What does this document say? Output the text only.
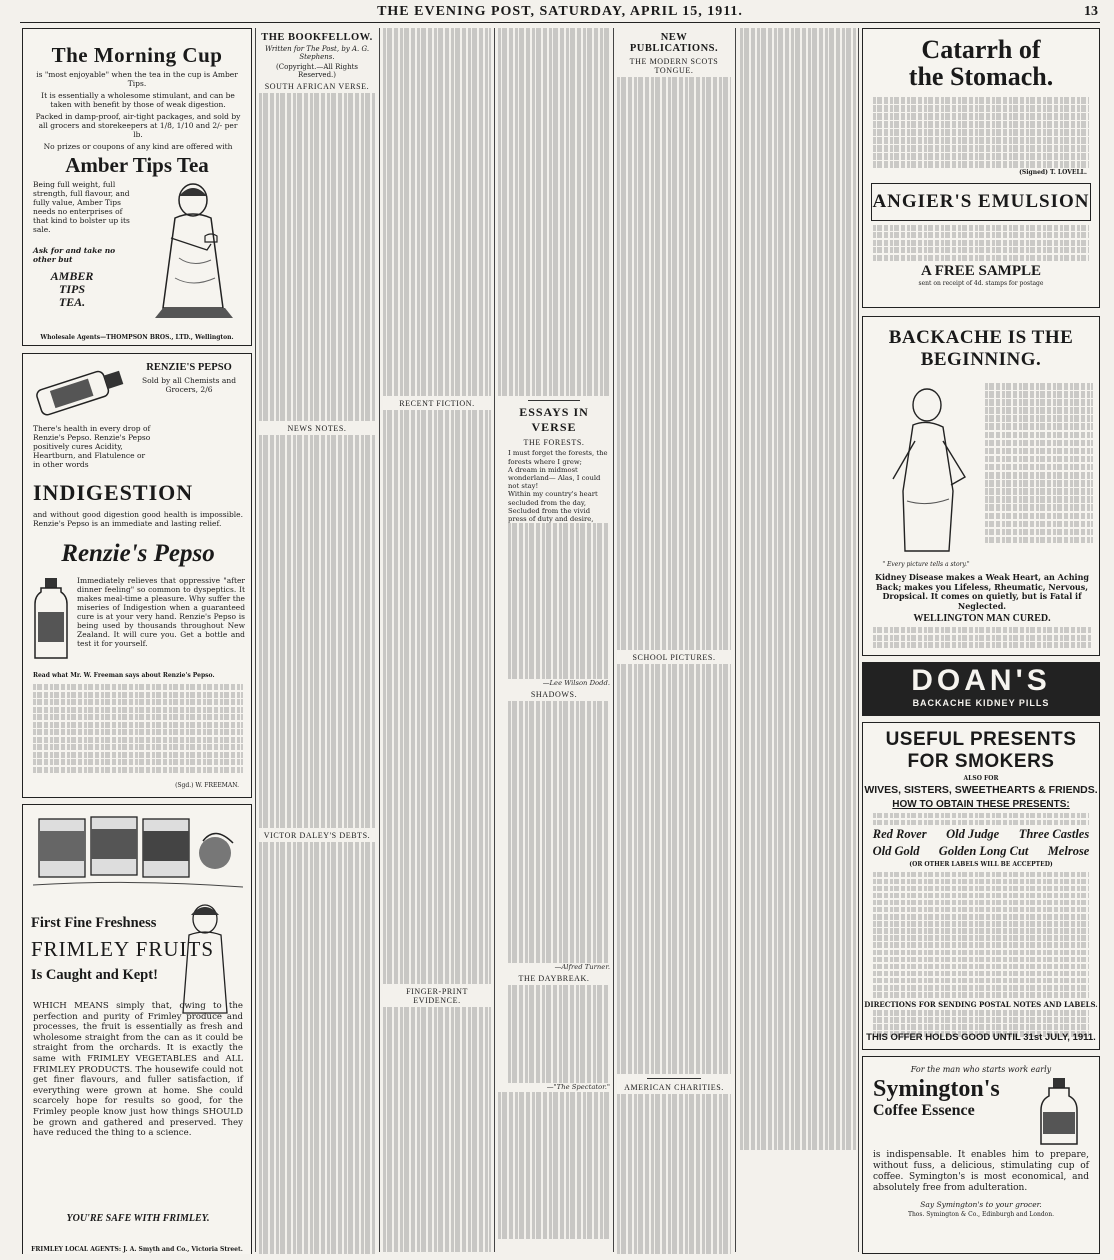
THE EVENING POST, SATURDAY, APRIL 15, 1911.	13
The Morning Cup
is "most enjoyable" when the tea in the cup is Amber Tips.
It is essentially a wholesome stimulant, and can be taken with benefit by those of weak digestion.
Packed in damp-proof, air-tight packages, and sold by all grocers and storekeepers at 1/8, 1/10 and 2/- per lb.
No prizes or coupons of any kind are offered with
Amber Tips Tea
Being full weight, full strength, full flavour, and fully value, Amber Tips needs no enterprises of that kind to bolster up its sale.
Ask for and take no other but
AMBER
TIPS
TEA.
Wholesale Agents—THOMPSON BROS., LTD., Wellington.
RENZIE'S PEPSO
Sold by all Chemists and Grocers, 2/6
There's health in every drop of Renzie's Pepso. Renzie's Pepso positively cures Acidity, Heartburn, and Flatulence or in other words
INDIGESTION
and without good digestion good health is impossible. Renzie's Pepso is an immediate and lasting relief.
Renzie's Pepso
Immediately relieves that oppressive "after dinner feeling" so common to dyspeptics. It makes meal-time a pleasure. Why suffer the miseries of Indigestion when a guaranteed cure is at your very hand. Renzie's Pepso is being used by thousands throughout New Zealand. It will cure you. Get a bottle and test it for yourself.
Read what Mr. W. Freeman says about Renzie's Pepso.
(Sgd.) W. FREEMAN.
First Fine Freshness
FRIMLEY FRUITS
Is Caught and Kept!
WHICH MEANS simply that, owing to the perfection and purity of Frimley produce and processes, the fruit is essentially as fresh and wholesome straight from the can as it could be straight from the orchards. It is exactly the same with FRIMLEY VEGETABLES and ALL FRIMLEY PRODUCTS. The housewife could not get finer flavours, and fuller satisfaction, if everything were grown at home. She could scarcely hope for results so good, for the Frimley people know just how things SHOULD be grown and gathered and preserved. They have reduced the thing to a science.
YOU'RE SAFE WITH FRIMLEY.
FRIMLEY LOCAL AGENTS: J. A. Smyth and Co., Victoria Street.
THE BOOKFELLOW.
Written for The Post, by A. G. Stephens.
(Copyright.—All Rights Reserved.)
SOUTH AFRICAN VERSE.
NEWS NOTES.
VICTOR DALEY'S DEBTS.
RECENT FICTION.
FINGER-PRINT EVIDENCE.
ESSAYS IN VERSE
THE FORESTS.
I must forget the forests, the forests where I grew;
A dream in midmost wonderland— Alas, I could not stay!
Within my country's heart secluded from the day,
Secluded from the vivid press of duty and desire,
—Lee Wilson Dodd.
SHADOWS.
—Alfred Turner.
THE DAYBREAK.
—"The Spectator."
NEW PUBLICATIONS.
THE MODERN SCOTS TONGUE.
SCHOOL PICTURES.
AMERICAN CHARITIES.
Catarrh of
the Stomach.
(Signed) T. LOVELL.
ANGIER'S EMULSION
A FREE SAMPLE
sent on receipt of 4d. stamps for postage
BACKACHE IS THE
BEGINNING.
" Every picture tells a story."
Kidney Disease makes a Weak Heart, an Aching Back; makes you Lifeless, Rheumatic, Nervous, Dropsical. It comes on quietly, but is Fatal if Neglected.
WELLINGTON MAN CURED.
DOAN'S
BACKACHE KIDNEY PILLS
USEFUL PRESENTS
FOR SMOKERS
ALSO FOR
WIVES, SISTERS, SWEETHEARTS & FRIENDS.
HOW TO OBTAIN THESE PRESENTS:
Red Rover Old Judge Three Castles
Old Gold Golden Long Cut Melrose
(OR OTHER LABELS WILL BE ACCEPTED)
DIRECTIONS FOR SENDING POSTAL NOTES AND LABELS.
THIS OFFER HOLDS GOOD UNTIL 31st JULY, 1911.
For the man who starts work early
Symington's
Coffee Essence
is indispensable. It enables him to prepare, without fuss, a delicious, stimulating cup of coffee. Symington's is most economical, and absolutely free from adulteration.
Say Symington's to your grocer.
Thos. Symington & Co., Edinburgh and London.
